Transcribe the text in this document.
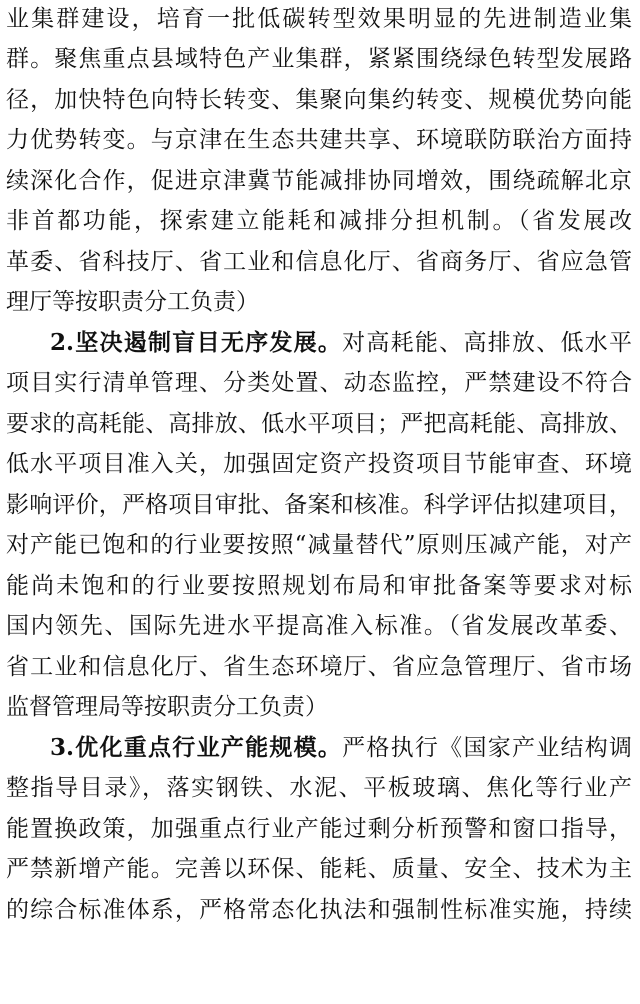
业集群建设，培育一批低碳转型效果明显的先进制造业集
群。聚焦重点县域特色产业集群，紧紧围绕绿色转型发展路
径，加快特色向特长转变、集聚向集约转变、规模优势向能
力优势转变。与京津在生态共建共享、环境联防联治方面持
续深化合作，促进京津冀节能减排协同增效，围绕疏解北京
非首都功能，探索建立能耗和减排分担机制。（省发展改
革委、省科技厅、省工业和信息化厅、省商务厅、省应急管
理厅等按职责分工负责）
2.坚决遏制盲目无序发展。对高耗能、高排放、低水平
项目实行清单管理、分类处置、动态监控，严禁建设不符合
要求的高耗能、高排放、低水平项目；严把高耗能、高排放、
低水平项目准入关，加强固定资产投资项目节能审查、环境
影响评价，严格项目审批、备案和核准。科学评估拟建项目，
对产能已饱和的行业要按照“减量替代”原则压减产能，对产
能尚未饱和的行业要按照规划布局和审批备案等要求对标
国内领先、国际先进水平提高准入标准。（省发展改革委、
省工业和信息化厅、省生态环境厅、省应急管理厅、省市场
监督管理局等按职责分工负责）
3.优化重点行业产能规模。严格执行《国家产业结构调
整指导目录》，落实钢铁、水泥、平板玻璃、焦化等行业产
能置换政策，加强重点行业产能过剩分析预警和窗口指导，
严禁新增产能。完善以环保、能耗、质量、安全、技术为主
的综合标准体系，严格常态化执法和强制性标准实施，持续
